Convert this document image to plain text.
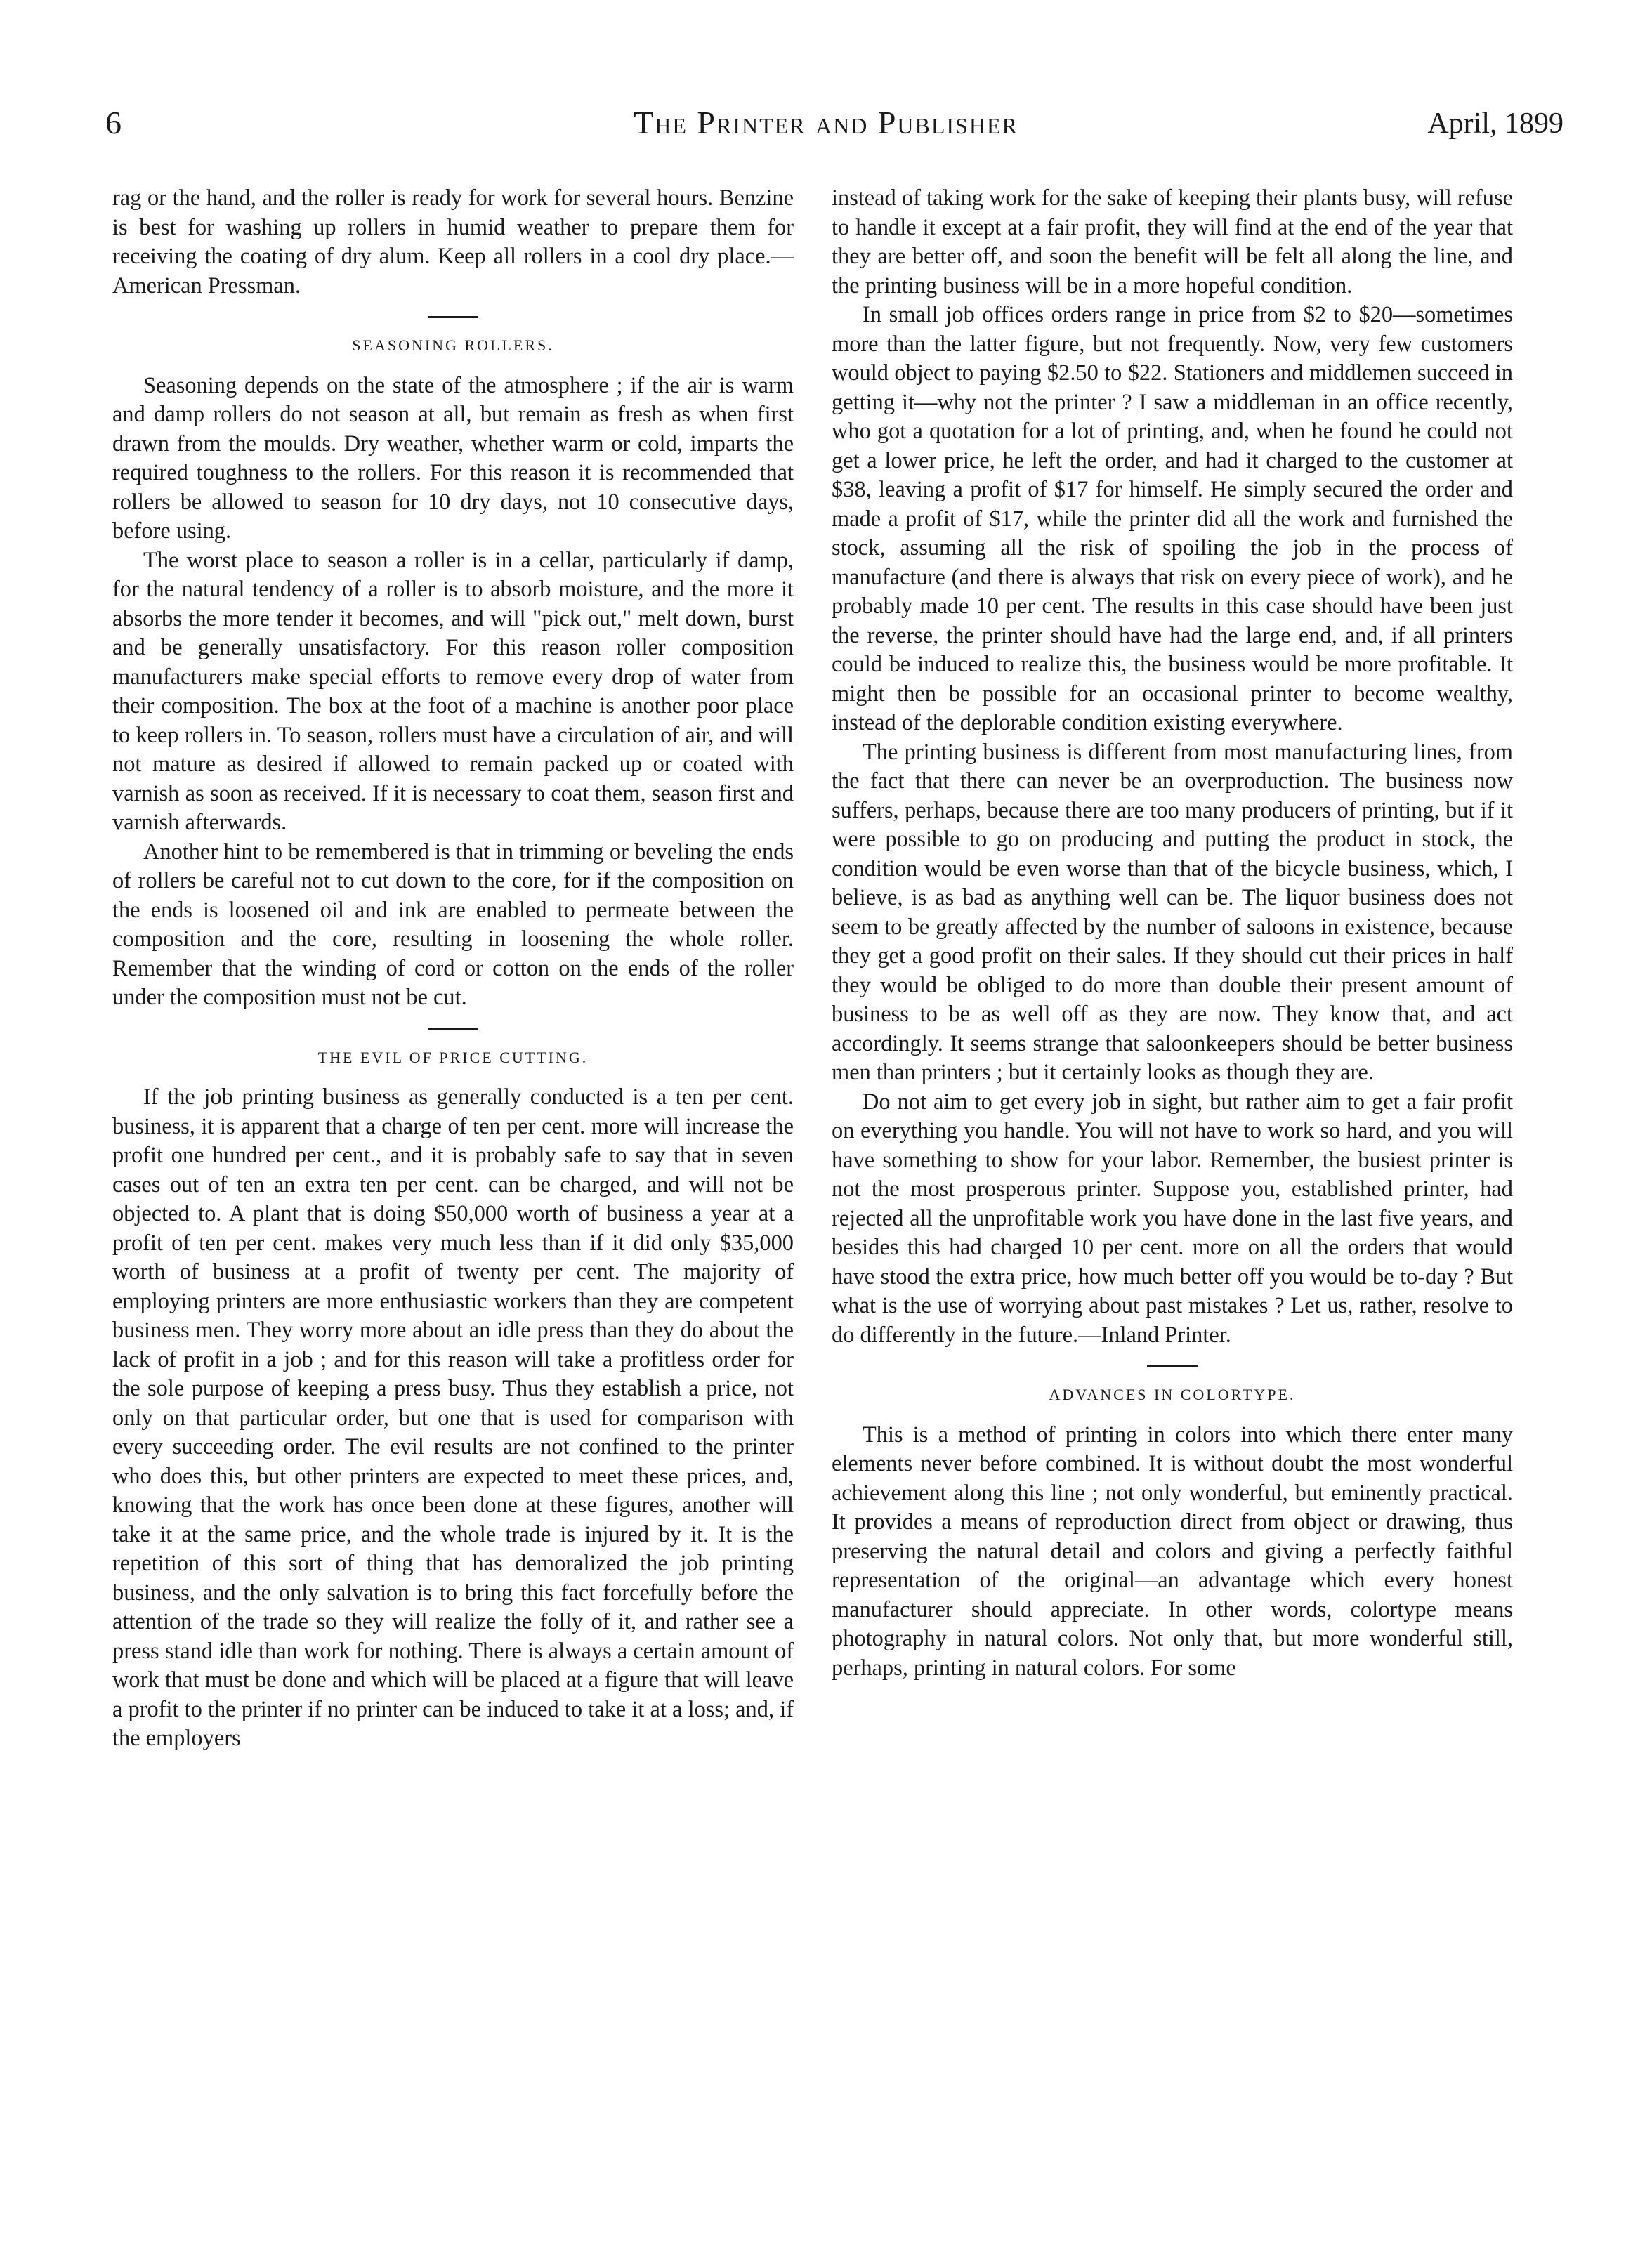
6	The Printer and Publisher	April, 1899

rag or the hand, and the roller is ready for work for several hours. Benzine is best for washing up rollers in humid weather to prepare them for receiving the coating of dry alum. Keep all rollers in a cool dry place.—American Pressman.

SEASONING ROLLERS.

Seasoning depends on the state of the atmosphere ; if the air is warm and damp rollers do not season at all, but remain as fresh as when first drawn from the moulds. Dry weather, whether warm or cold, imparts the required toughness to the rollers. For this reason it is recommended that rollers be allowed to season for 10 dry days, not 10 consecutive days, before using.

The worst place to season a roller is in a cellar, particularly if damp, for the natural tendency of a roller is to absorb moisture, and the more it absorbs the more tender it becomes, and will "pick out," melt down, burst and be generally unsatisfactory. For this reason roller composition manufacturers make special efforts to remove every drop of water from their composition. The box at the foot of a machine is another poor place to keep rollers in. To season, rollers must have a circulation of air, and will not mature as desired if allowed to remain packed up or coated with varnish as soon as received. If it is necessary to coat them, season first and varnish afterwards.

Another hint to be remembered is that in trimming or beveling the ends of rollers be careful not to cut down to the core, for if the composition on the ends is loosened oil and ink are enabled to permeate between the composition and the core, resulting in loosening the whole roller. Remember that the winding of cord or cotton on the ends of the roller under the composition must not be cut.

THE EVIL OF PRICE CUTTING.

If the job printing business as generally conducted is a ten per cent. business, it is apparent that a charge of ten per cent. more will increase the profit one hundred per cent., and it is probably safe to say that in seven cases out of ten an extra ten per cent. can be charged, and will not be objected to. A plant that is doing $50,000 worth of business a year at a profit of ten per cent. makes very much less than if it did only $35,000 worth of business at a profit of twenty per cent. The majority of employing printers are more enthusiastic workers than they are competent business men. They worry more about an idle press than they do about the lack of profit in a job ; and for this reason will take a profitless order for the sole purpose of keeping a press busy. Thus they establish a price, not only on that particular order, but one that is used for comparison with every succeeding order. The evil results are not confined to the printer who does this, but other printers are expected to meet these prices, and, knowing that the work has once been done at these figures, another will take it at the same price, and the whole trade is injured by it. It is the repetition of this sort of thing that has demoralized the job printing business, and the only salvation is to bring this fact forcefully before the attention of the trade so they will realize the folly of it, and rather see a press stand idle than work for nothing. There is always a certain amount of work that must be done and which will be placed at a figure that will leave a profit to the printer if no printer can be induced to take it at a loss; and, if the employers

instead of taking work for the sake of keeping their plants busy, will refuse to handle it except at a fair profit, they will find at the end of the year that they are better off, and soon the benefit will be felt all along the line, and the printing business will be in a more hopeful condition.

In small job offices orders range in price from $2 to $20—sometimes more than the latter figure, but not frequently. Now, very few customers would object to paying $2.50 to $22. Stationers and middlemen succeed in getting it—why not the printer ? I saw a middleman in an office recently, who got a quotation for a lot of printing, and, when he found he could not get a lower price, he left the order, and had it charged to the customer at $38, leaving a profit of $17 for himself. He simply secured the order and made a profit of $17, while the printer did all the work and furnished the stock, assuming all the risk of spoiling the job in the process of manufacture (and there is always that risk on every piece of work), and he probably made 10 per cent. The results in this case should have been just the reverse, the printer should have had the large end, and, if all printers could be induced to realize this, the business would be more profitable. It might then be possible for an occasional printer to become wealthy, instead of the deplorable condition existing everywhere.

The printing business is different from most manufacturing lines, from the fact that there can never be an overproduction. The business now suffers, perhaps, because there are too many producers of printing, but if it were possible to go on producing and putting the product in stock, the condition would be even worse than that of the bicycle business, which, I believe, is as bad as anything well can be. The liquor business does not seem to be greatly affected by the number of saloons in existence, because they get a good profit on their sales. If they should cut their prices in half they would be obliged to do more than double their present amount of business to be as well off as they are now. They know that, and act accordingly. It seems strange that saloonkeepers should be better business men than printers ; but it certainly looks as though they are.

Do not aim to get every job in sight, but rather aim to get a fair profit on everything you handle. You will not have to work so hard, and you will have something to show for your labor. Remember, the busiest printer is not the most prosperous printer. Suppose you, established printer, had rejected all the unprofitable work you have done in the last five years, and besides this had charged 10 per cent. more on all the orders that would have stood the extra price, how much better off you would be to-day ? But what is the use of worrying about past mistakes ? Let us, rather, resolve to do differently in the future.—Inland Printer.

ADVANCES IN COLORTYPE.

This is a method of printing in colors into which there enter many elements never before combined. It is without doubt the most wonderful achievement along this line ; not only wonderful, but eminently practical. It provides a means of reproduction direct from object or drawing, thus preserving the natural detail and colors and giving a perfectly faithful representation of the original—an advantage which every honest manufacturer should appreciate. In other words, colortype means photography in natural colors. Not only that, but more wonderful still, perhaps, printing in natural colors. For some
